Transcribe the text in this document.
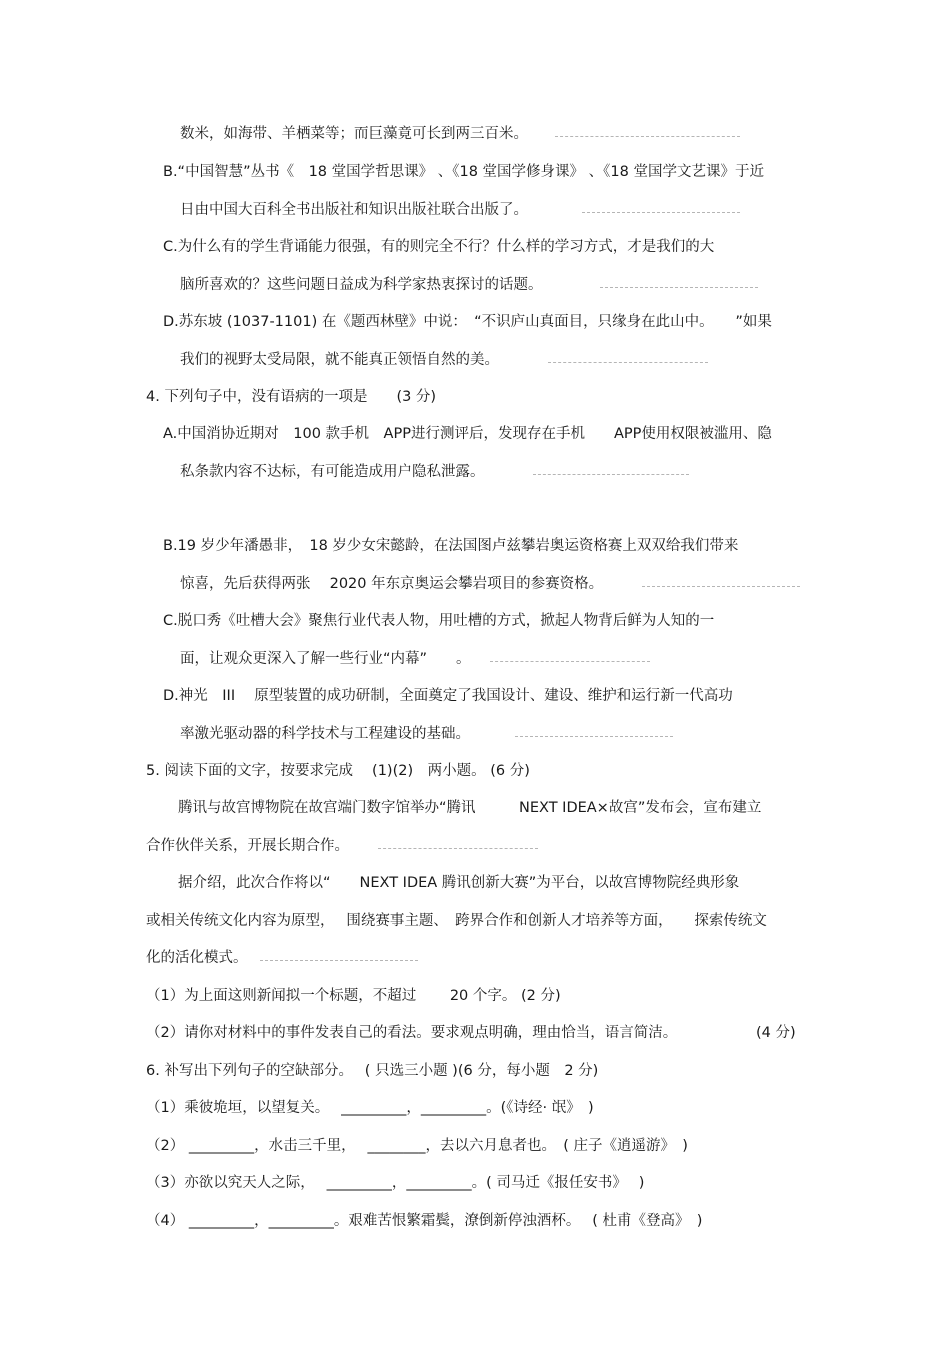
数米，如海带、羊栖菜等；而巨藻竟可长到两三百米。
B.“中国智慧”丛书《　18 堂国学哲思课》 、《18 堂国学修身课》 、《18 堂国学文艺课》于近
日由中国大百科全书出版社和知识出版社联合出版了。
C.为什么有的学生背诵能力很强，有的则完全不行？什么样的学习方式，才是我们的大
脑所喜欢的？这些问题日益成为科学家热衷探讨的话题。
D.苏东坡 (1037-1101) 在《题西林壁》中说：　“不识庐山真面目，只缘身在此山中。　　”如果
我们的视野太受局限，就不能真正领悟自然的美。
4. 下列句子中，没有语病的一项是　　(3 分)
A.中国消协近期对　100 款手机　APP进行测评后，发现存在手机　　APP使用权限被滥用、隐
私条款内容不达标，有可能造成用户隐私泄露。
B.19 岁少年潘愚非，　18 岁少女宋懿龄，在法国图卢兹攀岩奥运资格赛上双双给我们带来
惊喜，先后获得两张　 2020 年东京奥运会攀岩项目的参赛资格。
C.脱口秀《吐槽大会》聚焦行业代表人物，用吐槽的方式，掀起人物背后鲜为人知的一
面，让观众更深入了解一些行业“内幕”　　。
D.神光　III　 原型装置的成功研制，全面奠定了我国设计、建设、维护和运行新一代高功
率激光驱动器的科学技术与工程建设的基础。
5. 阅读下面的文字，按要求完成　 (1)(2)　两小题。 (6 分)
腾讯与故宫博物院在故宫端门数字馆举办“腾讯　　　NEXT IDEA×故宫”发布会，宣布建立
合作伙伴关系，开展长期合作。
据介绍，此次合作将以“　　NEXT IDEA 腾讯创新大赛”为平台，以故宫博物院经典形象
或相关传统文化内容为原型，　 围绕赛事主题、　跨界合作和创新人才培养等方面，　　探索传统文
化的活化模式。
（1）为上面这则新闻拟一个标题，不超过　　 20 个字。 (2 分)
（2）请你对材料中的事件发表自己的看法。要求观点明确，理由恰当，语言简洁。	(4 分)
6. 补写出下列句子的空缺部分。　 ( 只选三小题 )(6 分，每小题　2 分)
（1）乘彼垝垣，以望复关。　 _________，_________。(《诗经· 氓》　)
（2） _________，水击三千里，　 ________，去以六月息者也。　( 庄子《逍遥游》　)
（3）亦欲以究天人之际，　 _________，_________。( 司马迁《报任安书》　 )
（4） _________，_________。艰难苦恨繁霜鬓，潦倒新停浊酒杯。　 ( 杜甫《登高》　)
